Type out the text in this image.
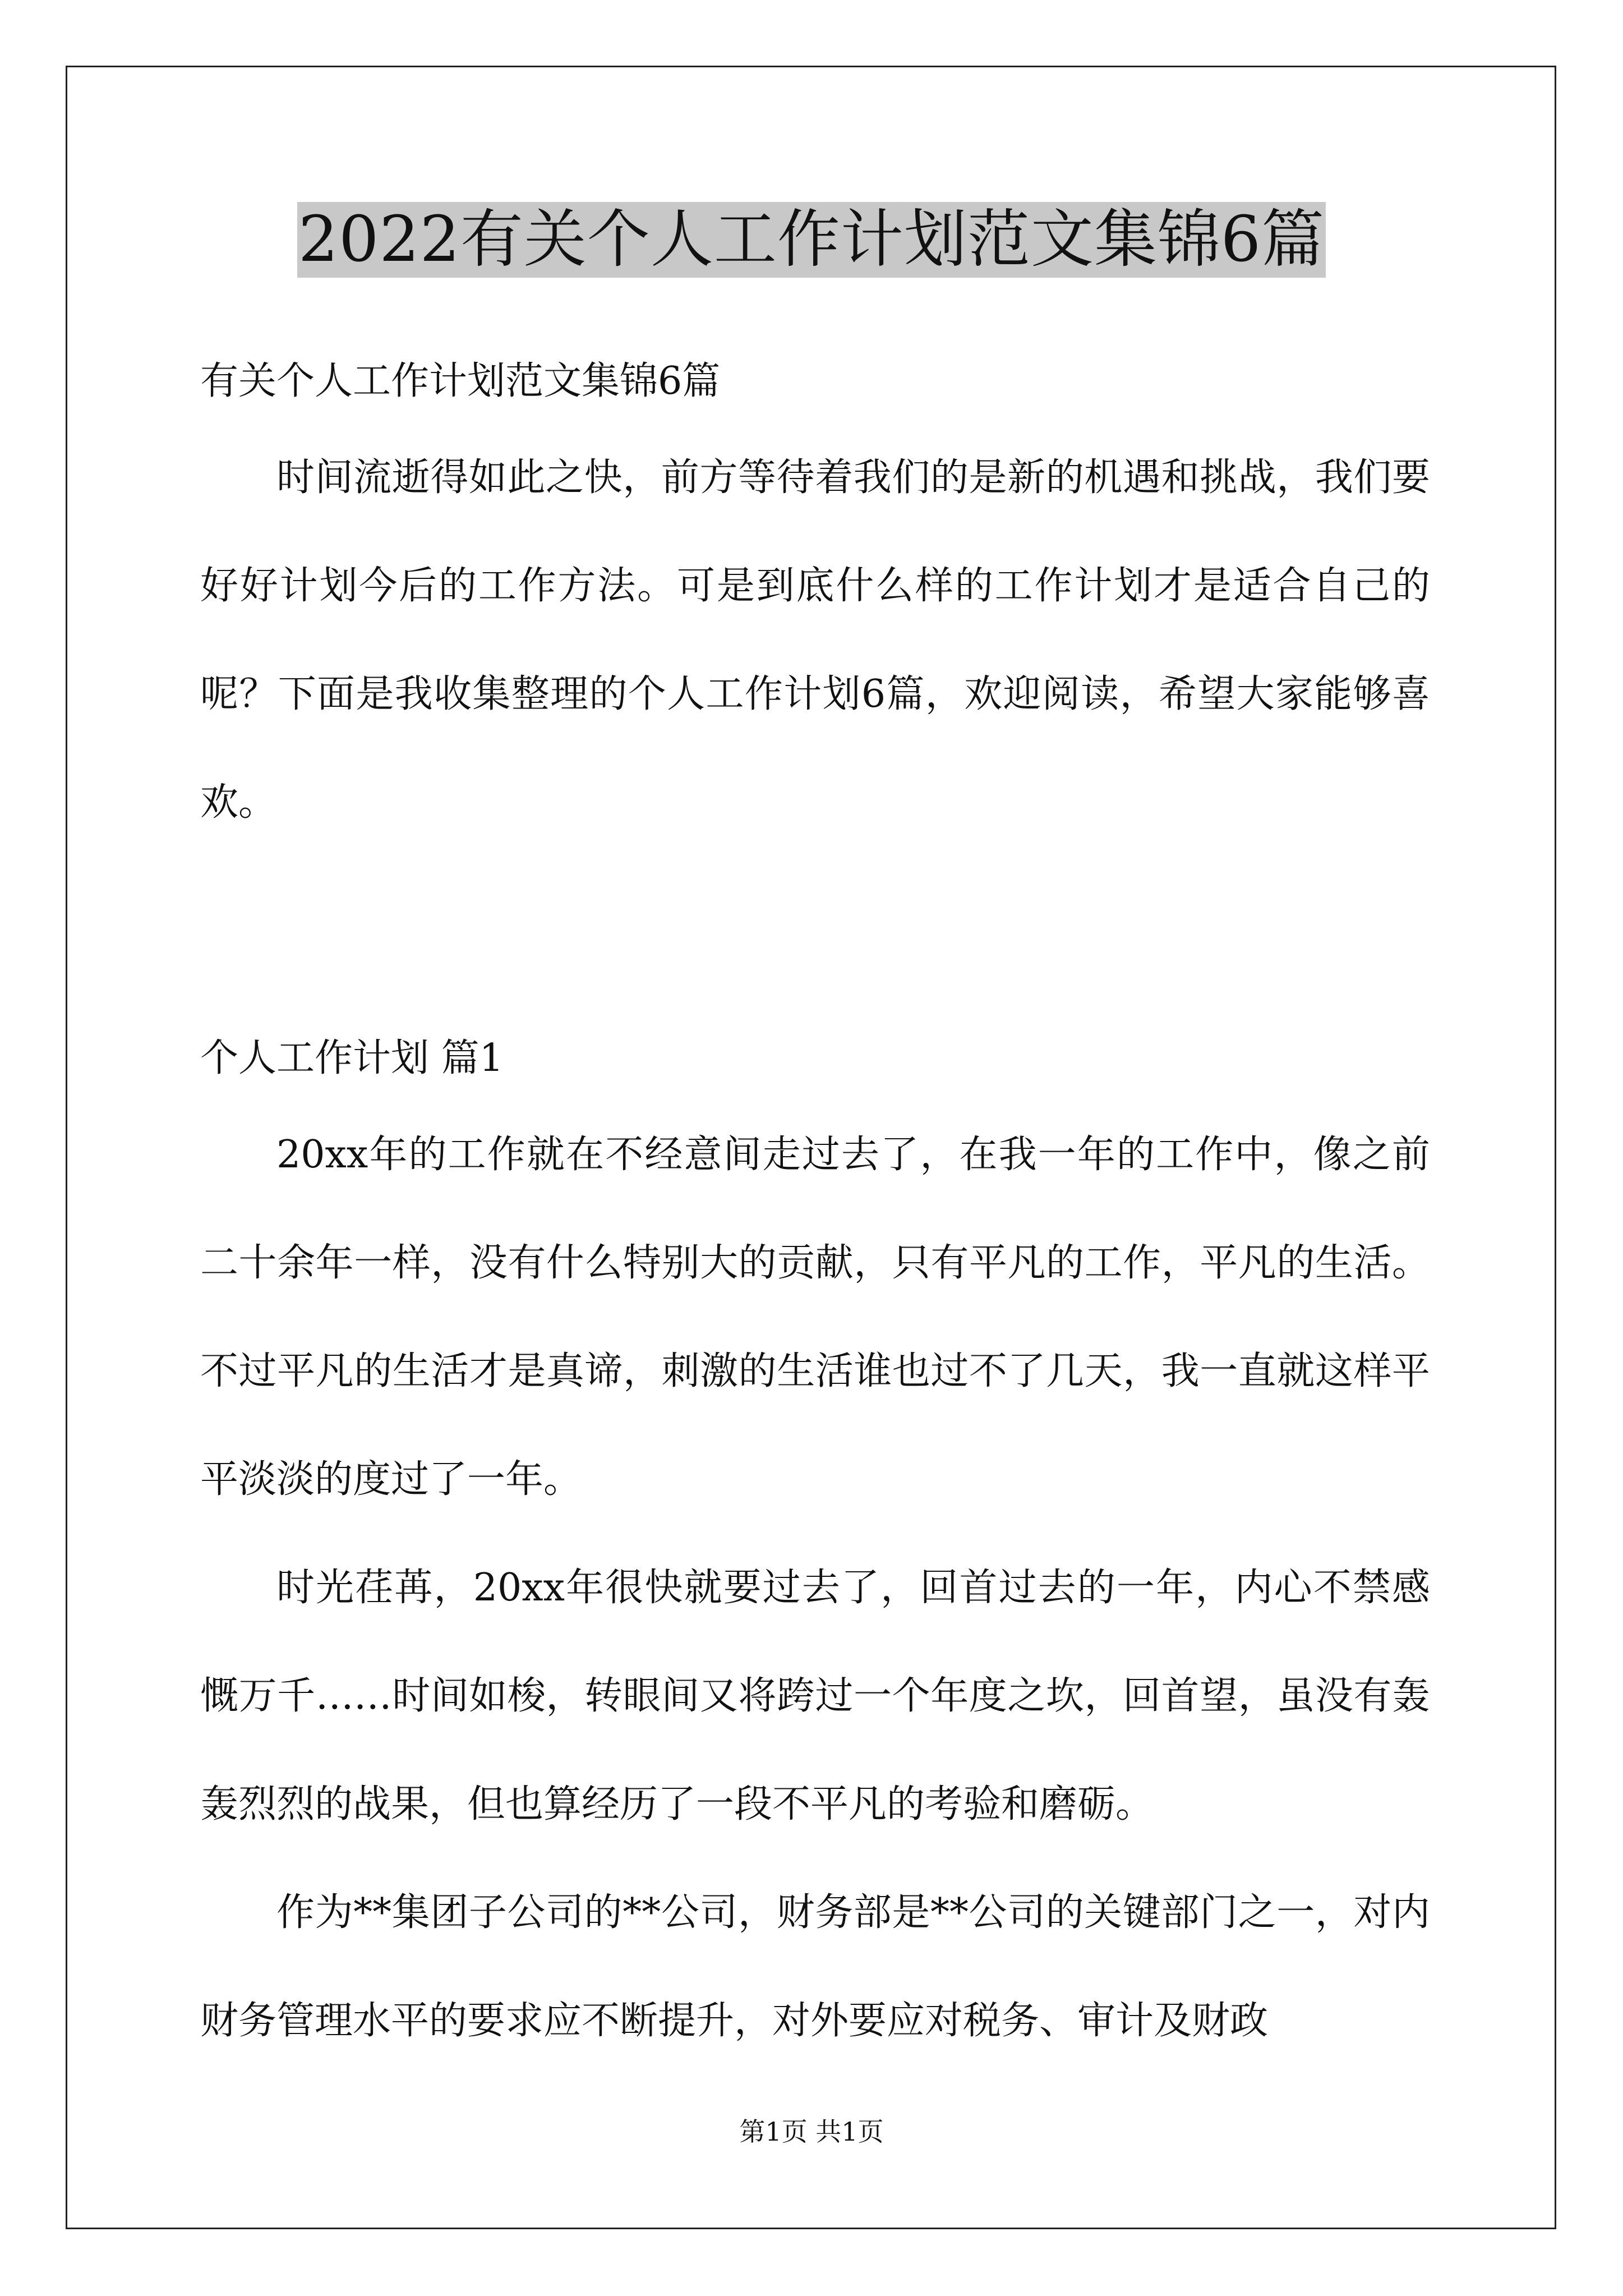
2022有关个人工作计划范文集锦6篇
有关个人工作计划范文集锦6篇

时间流逝得如此之快，前方等待着我们的是新的机遇和挑战，我们要好好计划今后的工作方法。可是到底什么样的工作计划才是适合自己的呢？下面是我收集整理的个人工作计划6篇，欢迎阅读，希望大家能够喜欢。

个人工作计划 篇1

20xx年的工作就在不经意间走过去了，在我一年的工作中，像之前二十余年一样，没有什么特别大的贡献，只有平凡的工作，平凡的生活。不过平凡的生活才是真谛，刺激的生活谁也过不了几天，我一直就这样平平淡淡的度过了一年。

时光荏苒，20xx年很快就要过去了，回首过去的一年，内心不禁感慨万千……时间如梭，转眼间又将跨过一个年度之坎，回首望，虽没有轰轰烈烈的战果，但也算经历了一段不平凡的考验和磨砺。

作为**集团子公司的**公司，财务部是**公司的关键部门之一，对内财务管理水平的要求应不断提升，对外要应对税务、审计及财政

第1页 共1页
